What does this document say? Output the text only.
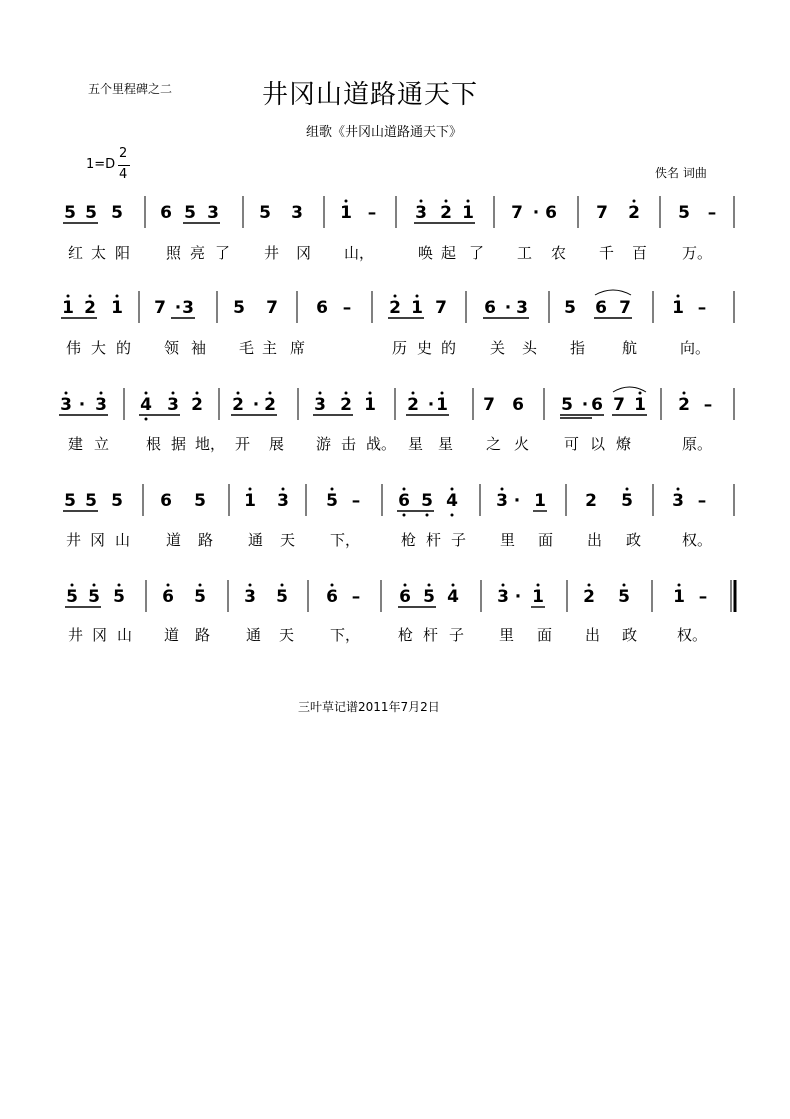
五个里程碑之二	井冈山道路通天下
组歌《井冈山道路通天下》
1=D
2
4	佚名 词曲
5 5 5 6 5 3 5 3 1 – 3 2 1 7 · 6 7 2 5 –
红 太 阳 照 亮 了 井 冈 山，	唤 起 了 工 农 千 百 万。
1 2 1 7 · 3 5 7 6 – 2 1 7 6 · 3 5 6 7 1 –
伟 大 的 领 袖 毛 主 席	历 史 的 关 头 指 航	向。
3 · 3 4 3 2 2 · 2 3 2 1 2 · 1 7 6 5 · 6 7 1 2 –
建 立 根 据 地， 开 展 游 击 战。 星 星 之 火 可 以 燎	原。
5 5 5 6 5 1 3 5 – 6 5 4 3 · 1 2 5 3 –
井 冈 山 道 路 通 天 下，	枪 杆 子 里 面 出 政	权。
5 5 5 6 5 3 5 6 – 6 5 4 3 · 1 2 5	1 –
井 冈 山 道 路 通 天 下，	枪 杆 子 里 面 出 政	权。
三叶草记谱2011年7月2日
